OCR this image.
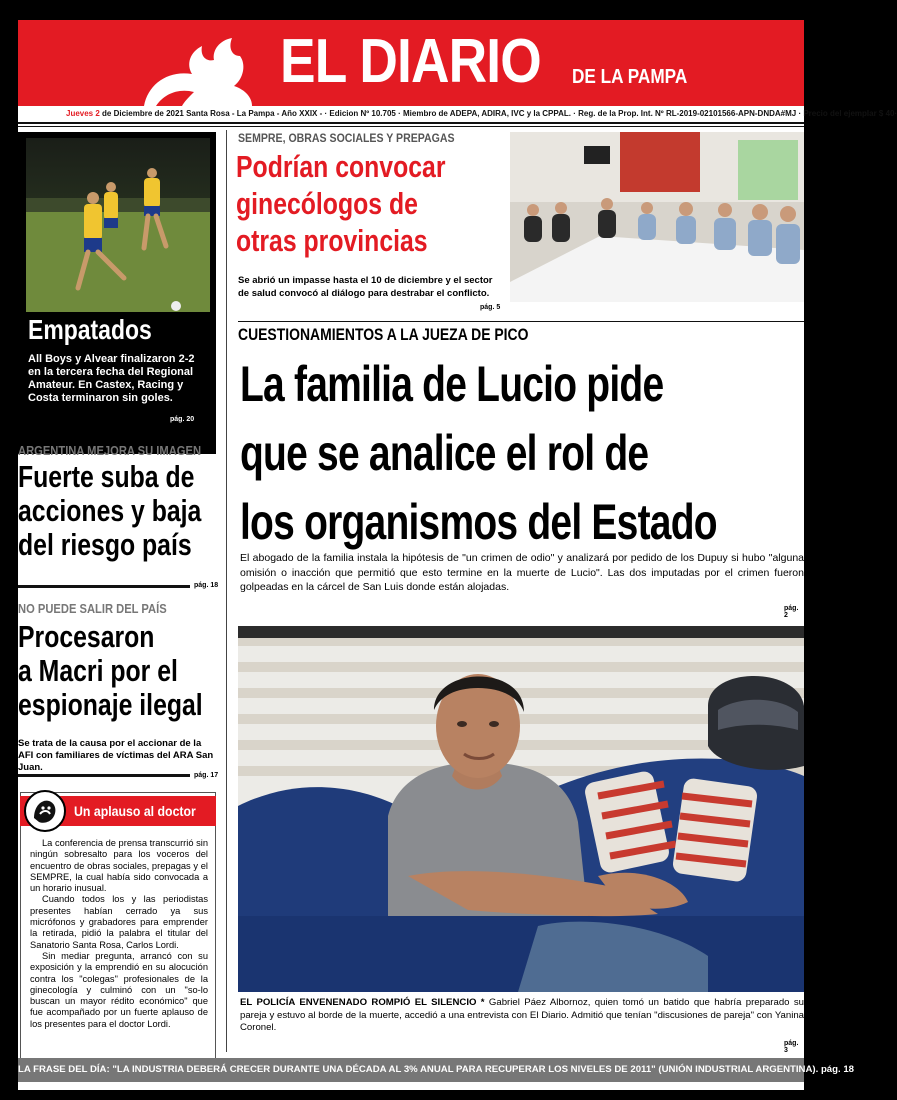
EL DIARIO DE LA PAMPA
Jueves 2 de Diciembre de 2021 Santa Rosa - La Pampa - Año XXIX - · Edicion Nº 10.705 · Miembro de ADEPA, ADIRA, IVC y la CPPAL. · Reg. de la Prop. Int. Nº RL-2019-02101566-APN-DNDA#MJ · Precio del ejemplar $ 40·
Empatados
All Boys y Alvear finalizaron 2-2 en la tercera fecha del Regional Amateur. En Castex, Racing y Costa terminaron sin goles.
pág. 20
ARGENTINA MEJORA SU IMAGEN
Fuerte suba de
acciones y baja
del riesgo país
pág. 18
NO PUEDE SALIR DEL PAÍS
Procesaron
a Macri por el
espionaje ilegal
Se trata de la causa por el accionar de la AFI con familiares de víctimas del ARA San Juan.
pág. 17
Un aplauso al doctor

La conferencia de prensa transcurrió sin ningún sobresalto para los voceros del encuentro de obras sociales, prepagas y el SEMPRE, la cual había sido convocada a un horario inusual.

Cuando todos los y las periodistas presentes habían cerrado ya sus micrófonos y grabadores para emprender la retirada, pidió la palabra el titular del Sanatorio Santa Rosa, Carlos Lordi.

Sin mediar pregunta, arrancó con su exposición y la emprendió en su alocución contra los "colegas" profesionales de la ginecología y culminó con un "so-lo buscan un mayor rédito económico" que fue acompañado por un fuerte aplauso de los presentes para el doctor Lordi.

SEMPRE, OBRAS SOCIALES Y PREPAGAS
Podrían convocar
ginecólogos de
otras provincias
Se abrió un impasse hasta el 10 de diciembre y el sector de salud convocó al diálogo para destrabar el conflicto.
pág. 5
CUESTIONAMIENTOS A LA JUEZA DE PICO
La familia de Lucio pide
que se analice el rol de
los organismos del Estado
El abogado de la familia instala la hipótesis de "un crimen de odio" y analizará por pedido de los Dupuy si hubo "alguna omisión o inacción que permitió que esto termine en la muerte de Lucio". Las dos imputadas por el crimen fueron golpeadas en la cárcel de San Luis donde están alojadas.
pág. 2
EL POLICÍA ENVENENADO ROMPIÓ EL SILENCIO * Gabriel Páez Albornoz, quien tomó un batido que habría preparado su pareja y estuvo al borde de la muerte, accedió a una entrevista con El Diario. Admitió que tenían "discusiones de pareja" con Yanina Coronel.
pág. 3
LA FRASE DEL DÍA: "LA INDUSTRIA DEBERÁ CRECER DURANTE UNA DÉCADA AL 3% ANUAL PARA RECUPERAR LOS NIVELES DE 2011" (UNIÓN INDUSTRIAL ARGENTINA). pág. 18
